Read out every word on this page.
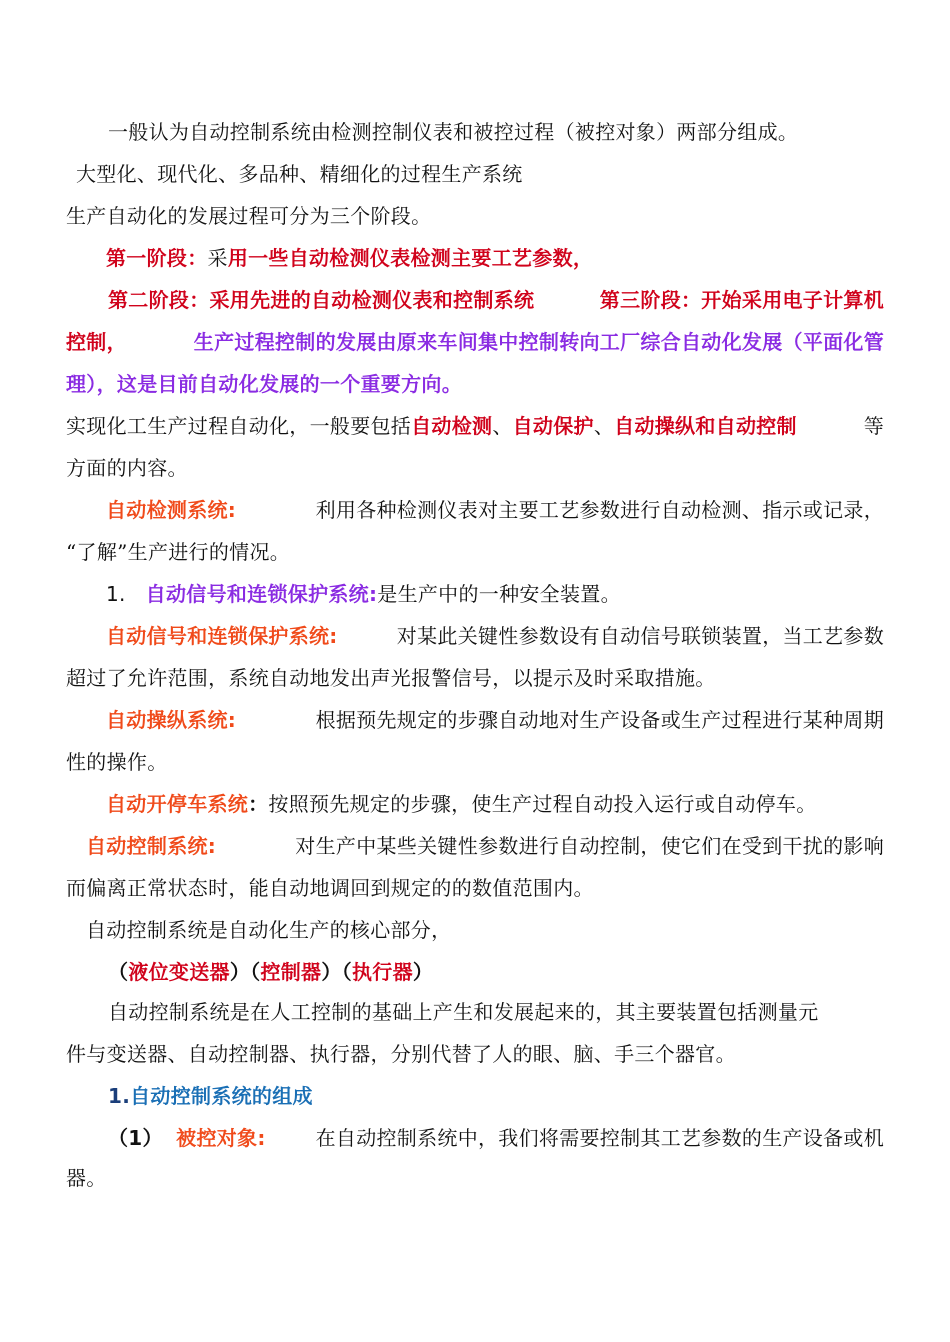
一般认为自动控制系统由检测控制仪表和被控过程（被控对象）两部分组成。
大型化、现代化、多品种、精细化的过程生产系统
生产自动化的发展过程可分为三个阶段。
第一阶段：采用一些自动检测仪表检测主要工艺参数，
第二阶段：采用先进的自动检测仪表和控制系统	第三阶段：开始采用电子计算机
控制，	生产过程控制的发展由原来车间集中控制转向工厂综合自动化发展（平面化管
理），这是目前自动化发展的一个重要方向。
实现化工生产过程自动化，一般要包括自动检测、自动保护、自动操纵和自动控制	等
方面的内容。
自动检测系统:	利用各种检测仪表对主要工艺参数进行自动检测、指示或记录，
“了解”生产进行的情况。
1. 自动信号和连锁保护系统:是生产中的一种安全装置。
自动信号和连锁保护系统:	对某此关键性参数设有自动信号联锁装置，当工艺参数
超过了允许范围，系统自动地发出声光报警信号，以提示及时采取措施。
自动操纵系统:	根据预先规定的步骤自动地对生产设备或生产过程进行某种周期
性的操作。
自动开停车系统：按照预先规定的步骤，使生产过程自动投入运行或自动停车。
自动控制系统:	对生产中某些关键性参数进行自动控制，使它们在受到干扰的影响
而偏离正常状态时，能自动地调回到规定的的数值范围内。
自动控制系统是自动化生产的核心部分，
（液位变送器）（控制器）（执行器）
自动控制系统是在人工控制的基础上产生和发展起来的，其主要装置包括测量元
件与变送器、自动控制器、执行器，分别代替了人的眼、脑、手三个器官。
1.自动控制系统的组成
（1） 被控对象: 在自动控制系统中，我们将需要控制其工艺参数的生产设备或机
器。
